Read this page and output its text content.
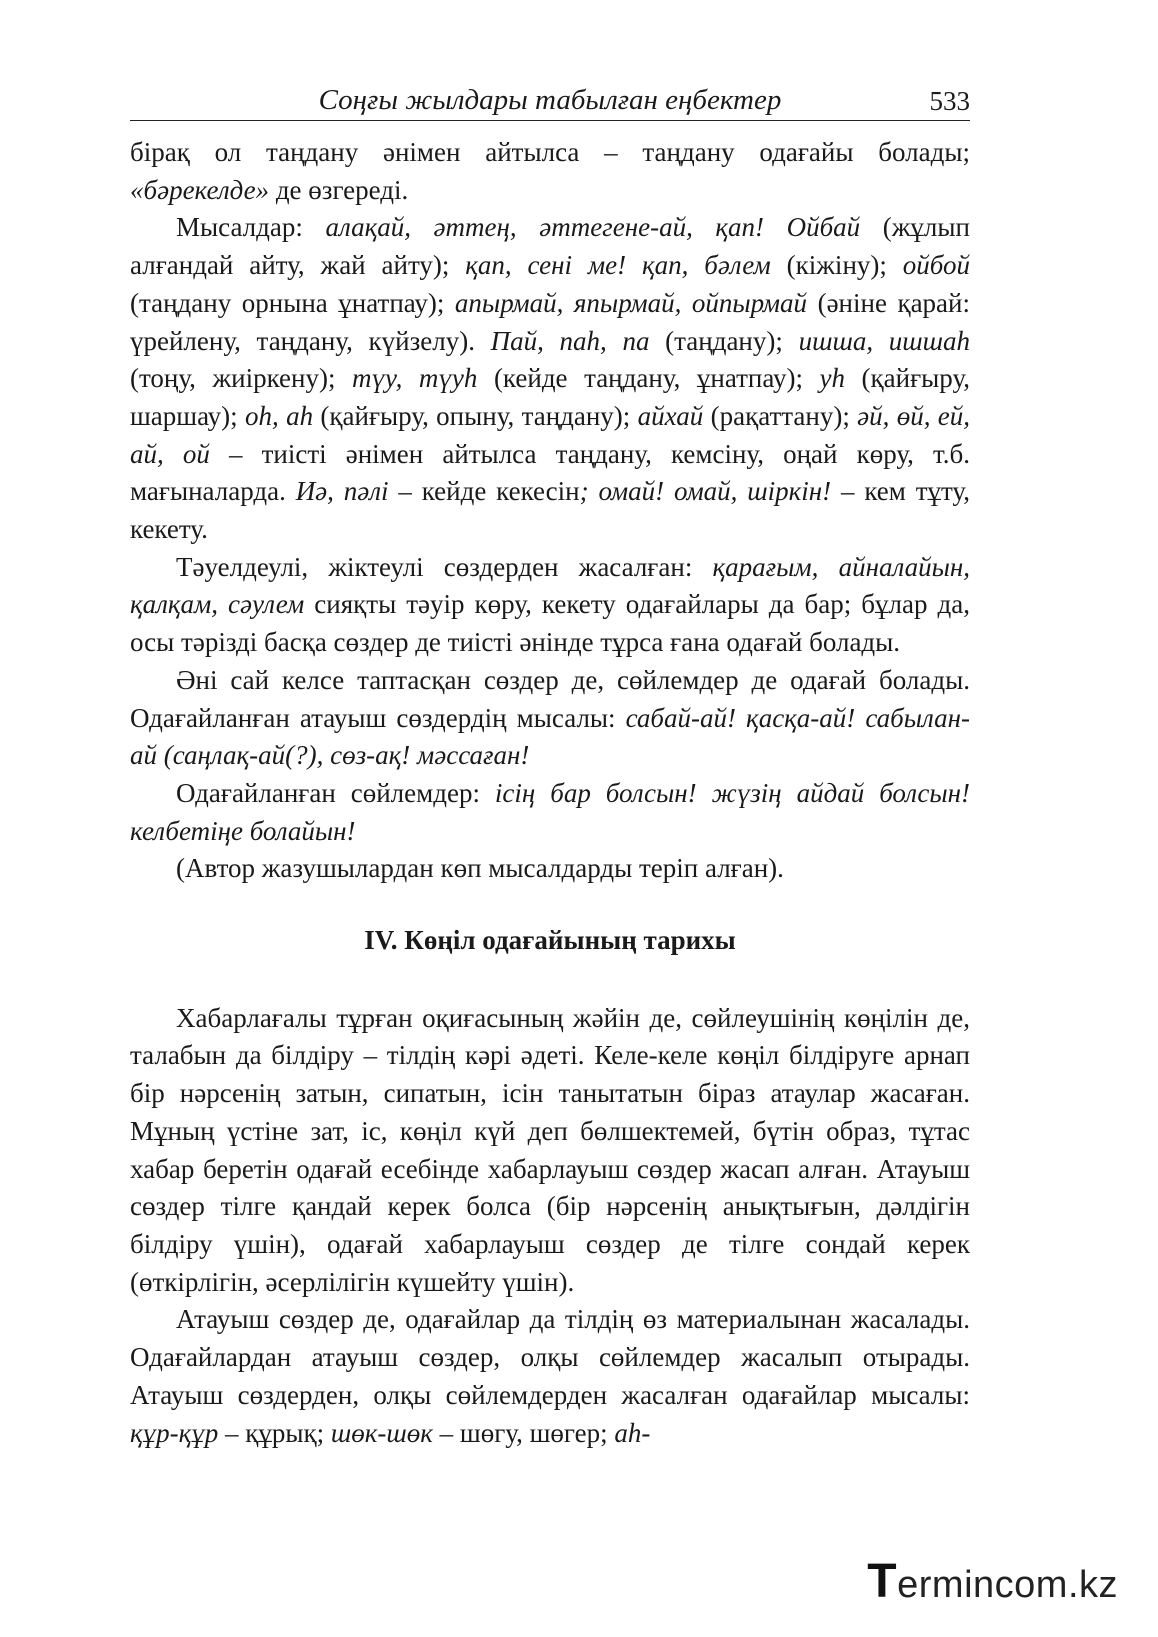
Соңғы жылдары табылған еңбектер	533

бірақ ол таңдану әнімен айтылса – таңдану одағайы болады; «бәрекелде» де өзгереді.

Мысалдар: алақай, әттең, әттегене-ай, қап! Ойбай (жұлып алғандай айту, жай айту); қап, сені ме! қап, бәлем (кіжіну); ойбой (таңдану орнына ұнатпау); апырмай, япырмай, ойпырмай (әніне қарай: үрейлену, таңдану, күйзелу). Пай, паһ, па (таңдану); ишша, ишшаһ (тоңу, жиіркену); түу, түуһ (кейде таңдану, ұнатпау); уһ (қайғыру, шаршау); оһ, аһ (қайғыру, опыну, таңдану); айхай (рақаттану); әй, өй, ей, ай, ой – тиісті әнімен айтылса таңдану, кемсіну, оңай көру, т.б. мағыналарда. Иә, пәлі – кейде кекесін; омай! омай, шіркін! – кем тұту, кекету.

Тәуелдеулі, жіктеулі сөздерден жасалған: қарағым, айналайын, қалқам, сәулем сияқты тәуір көру, кекету одағайлары да бар; бұлар да, осы тәрізді басқа сөздер де тиісті әнінде тұрса ғана одағай болады.

Әні сай келсе таптасқан сөздер де, сөйлемдер де одағай болады. Одағайланған атауыш сөздердің мысалы: сабай-ай! қасқа-ай! сабылан-ай (саңлақ-ай(?), сөз-ақ! мәссаған!

Одағайланған сөйлемдер: ісің бар болсын! жүзің айдай болсын! келбетіңе болайын!

(Автор жазушылардан көп мысалдарды теріп алған).

IV. Көңіл одағайының тарихы

Хабарлағалы тұрған оқиғасының жәйін де, сөйлеушінің көңілін де, талабын да білдіру – тілдің кәрі әдеті. Келе-келе көңіл білдіруге арнап бір нәрсенің затын, сипатын, ісін танытатын біраз атаулар жасаған. Мұның үстіне зат, іс, көңіл күй деп бөлшектемей, бүтін образ, тұтас хабар беретін одағай есебінде хабарлауыш сөздер жасап алған. Атауыш сөздер тілге қандай керек болса (бір нәрсенің анықтығын, дәлдігін білдіру үшін), одағай хабарлауыш сөздер де тілге сондай керек (өткірлігін, әсерлілігін күшейту үшін).

Атауыш сөздер де, одағайлар да тілдің өз материалынан жасалады. Одағайлардан атауыш сөздер, олқы сөйлемдер жасалып отырады. Атауыш сөздерден, олқы сөйлемдерден жасалған одағайлар мысалы: құр-құр – құрық; шөк-шөк – шөгу, шөгер; аһ-

Termincom.kz
